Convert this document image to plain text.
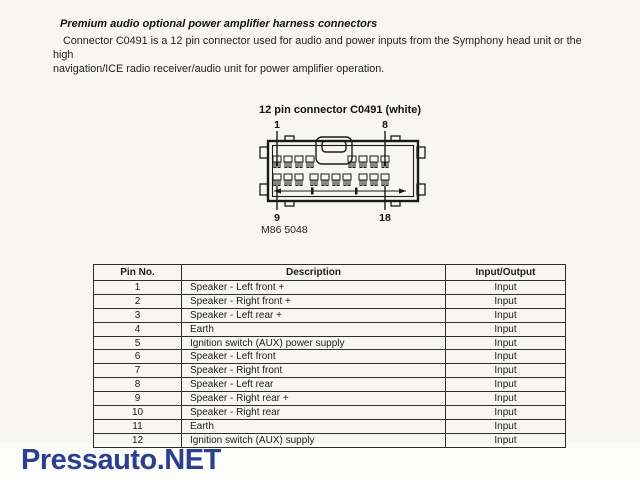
Premium audio optional power amplifier harness connectors
Connector C0491 is a 12 pin connector used for audio and power inputs from the Symphony head unit or the high
navigation/ICE radio receiver/audio unit for power amplifier operation.
12 pin connector C0491 (white)
1	8
9	18
M86 5048
Pin No.	Description	Input/Output
1	Speaker - Left front +	Input
2	Speaker - Right front +	Input
3	Speaker - Left rear +	Input
4	Earth	Input
5	Ignition switch (AUX) power supply	Input
6	Speaker - Left front	Input
7	Speaker - Right front	Input
8	Speaker - Left rear	Input
9	Speaker - Right rear +	Input
10	Speaker - Right rear	Input
11	Earth	Input
12	Ignition switch (AUX) supply	Input
Pressauto.NET
